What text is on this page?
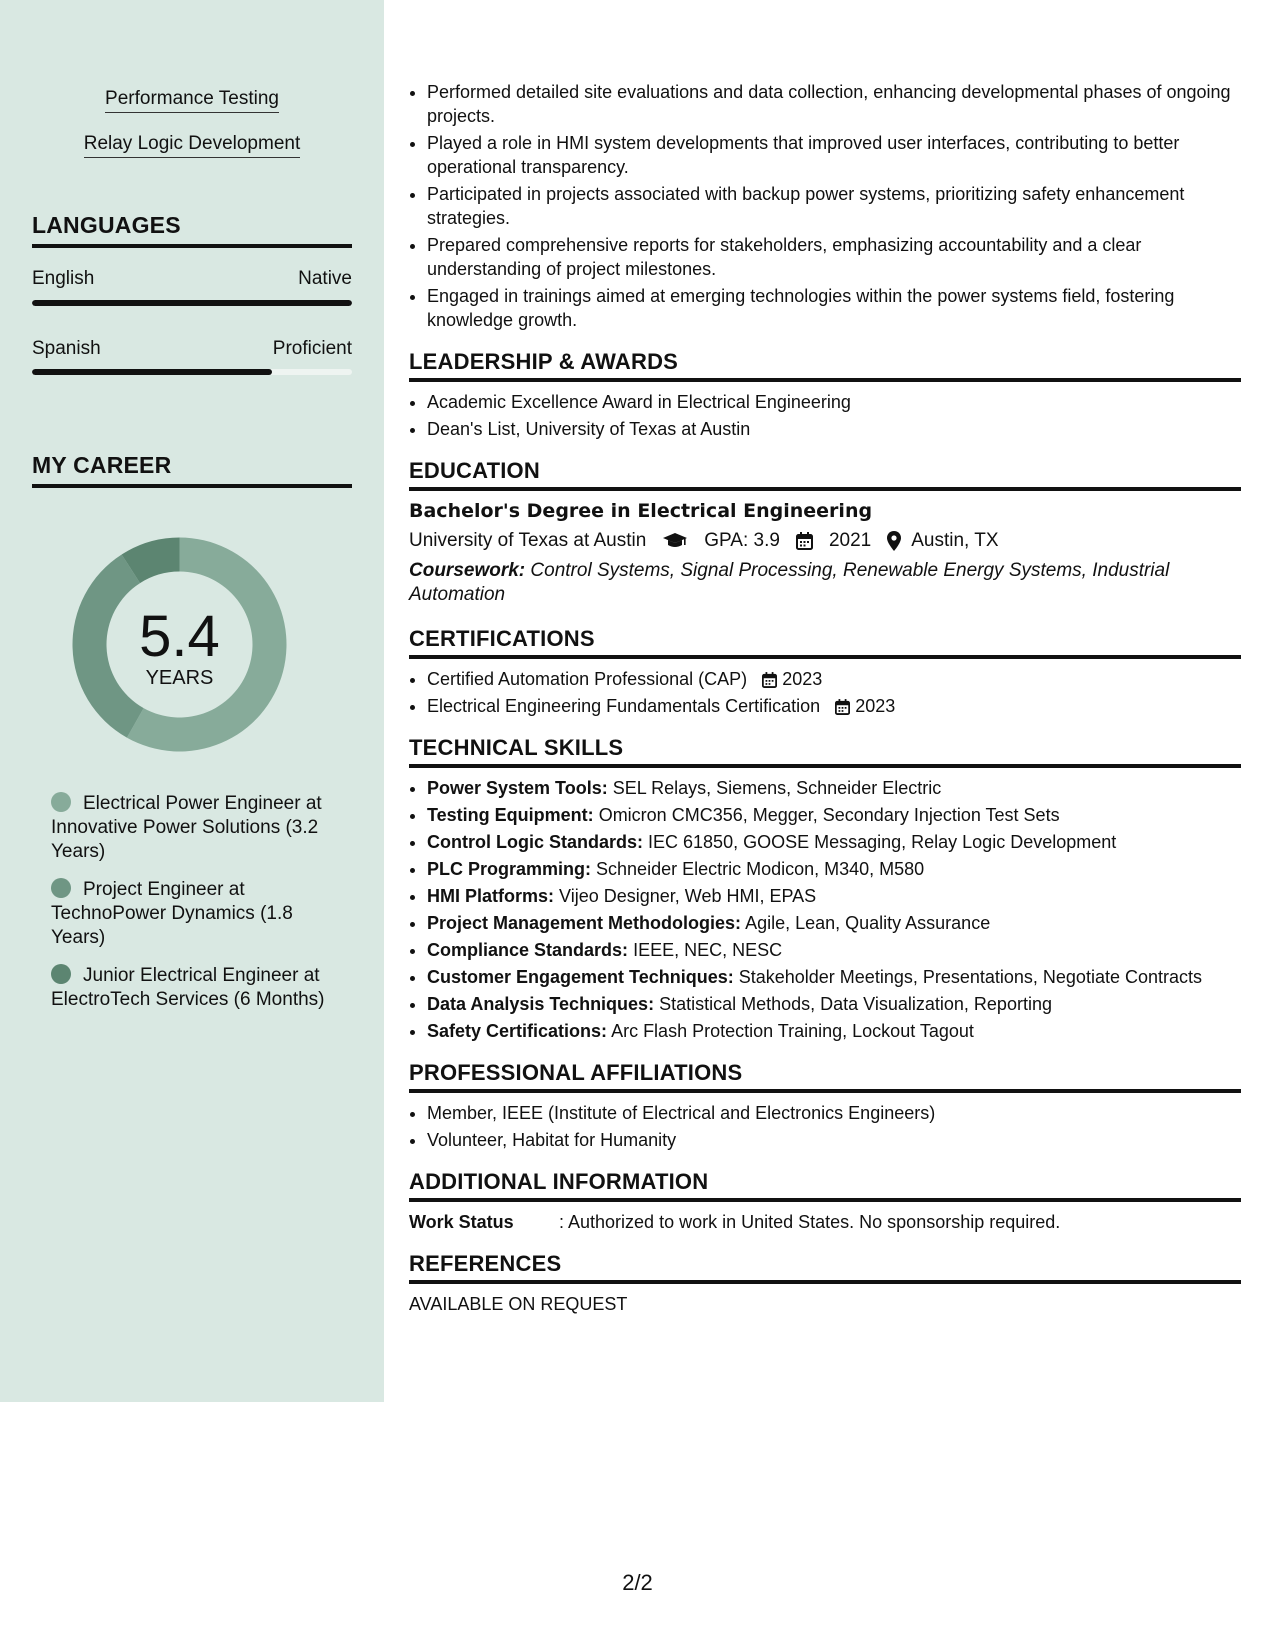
Performance Testing
Relay Logic Development
LANGUAGES
English	Native
Spanish	Proficient
MY CAREER
5.4
YEARS
Electrical Power Engineer at Innovative Power Solutions (3.2 Years)
Project Engineer at TechnoPower Dynamics (1.8 Years)
Junior Electrical Engineer at ElectroTech Services (6 Months)
• Performed detailed site evaluations and data collection, enhancing developmental phases of ongoing projects.
• Played a role in HMI system developments that improved user interfaces, contributing to better operational transparency.
• Participated in projects associated with backup power systems, prioritizing safety enhancement strategies.
• Prepared comprehensive reports for stakeholders, emphasizing accountability and a clear understanding of project milestones.
• Engaged in trainings aimed at emerging technologies within the power systems field, fostering knowledge growth.
LEADERSHIP & AWARDS
• Academic Excellence Award in Electrical Engineering
• Dean's List, University of Texas at Austin
EDUCATION
Bachelor's Degree in Electrical Engineering
University of Texas at Austin	GPA: 3.9	2021 Austin, TX
Coursework: Control Systems, Signal Processing, Renewable Energy Systems, Industrial Automation
CERTIFICATIONS
• Certified Automation Professional (CAP) 2023
• Electrical Engineering Fundamentals Certification 2023
TECHNICAL SKILLS
• Power System Tools: SEL Relays, Siemens, Schneider Electric
• Testing Equipment: Omicron CMC356, Megger, Secondary Injection Test Sets
• Control Logic Standards: IEC 61850, GOOSE Messaging, Relay Logic Development
• PLC Programming: Schneider Electric Modicon, M340, M580
• HMI Platforms: Vijeo Designer, Web HMI, EPAS
• Project Management Methodologies: Agile, Lean, Quality Assurance
• Compliance Standards: IEEE, NEC, NESC
• Customer Engagement Techniques: Stakeholder Meetings, Presentations, Negotiate Contracts
• Data Analysis Techniques: Statistical Methods, Data Visualization, Reporting
• Safety Certifications: Arc Flash Protection Training, Lockout Tagout
PROFESSIONAL AFFILIATIONS
• Member, IEEE (Institute of Electrical and Electronics Engineers)
• Volunteer, Habitat for Humanity
ADDITIONAL INFORMATION
Work Status	: Authorized to work in United States. No sponsorship required.
REFERENCES
AVAILABLE ON REQUEST
2/2
